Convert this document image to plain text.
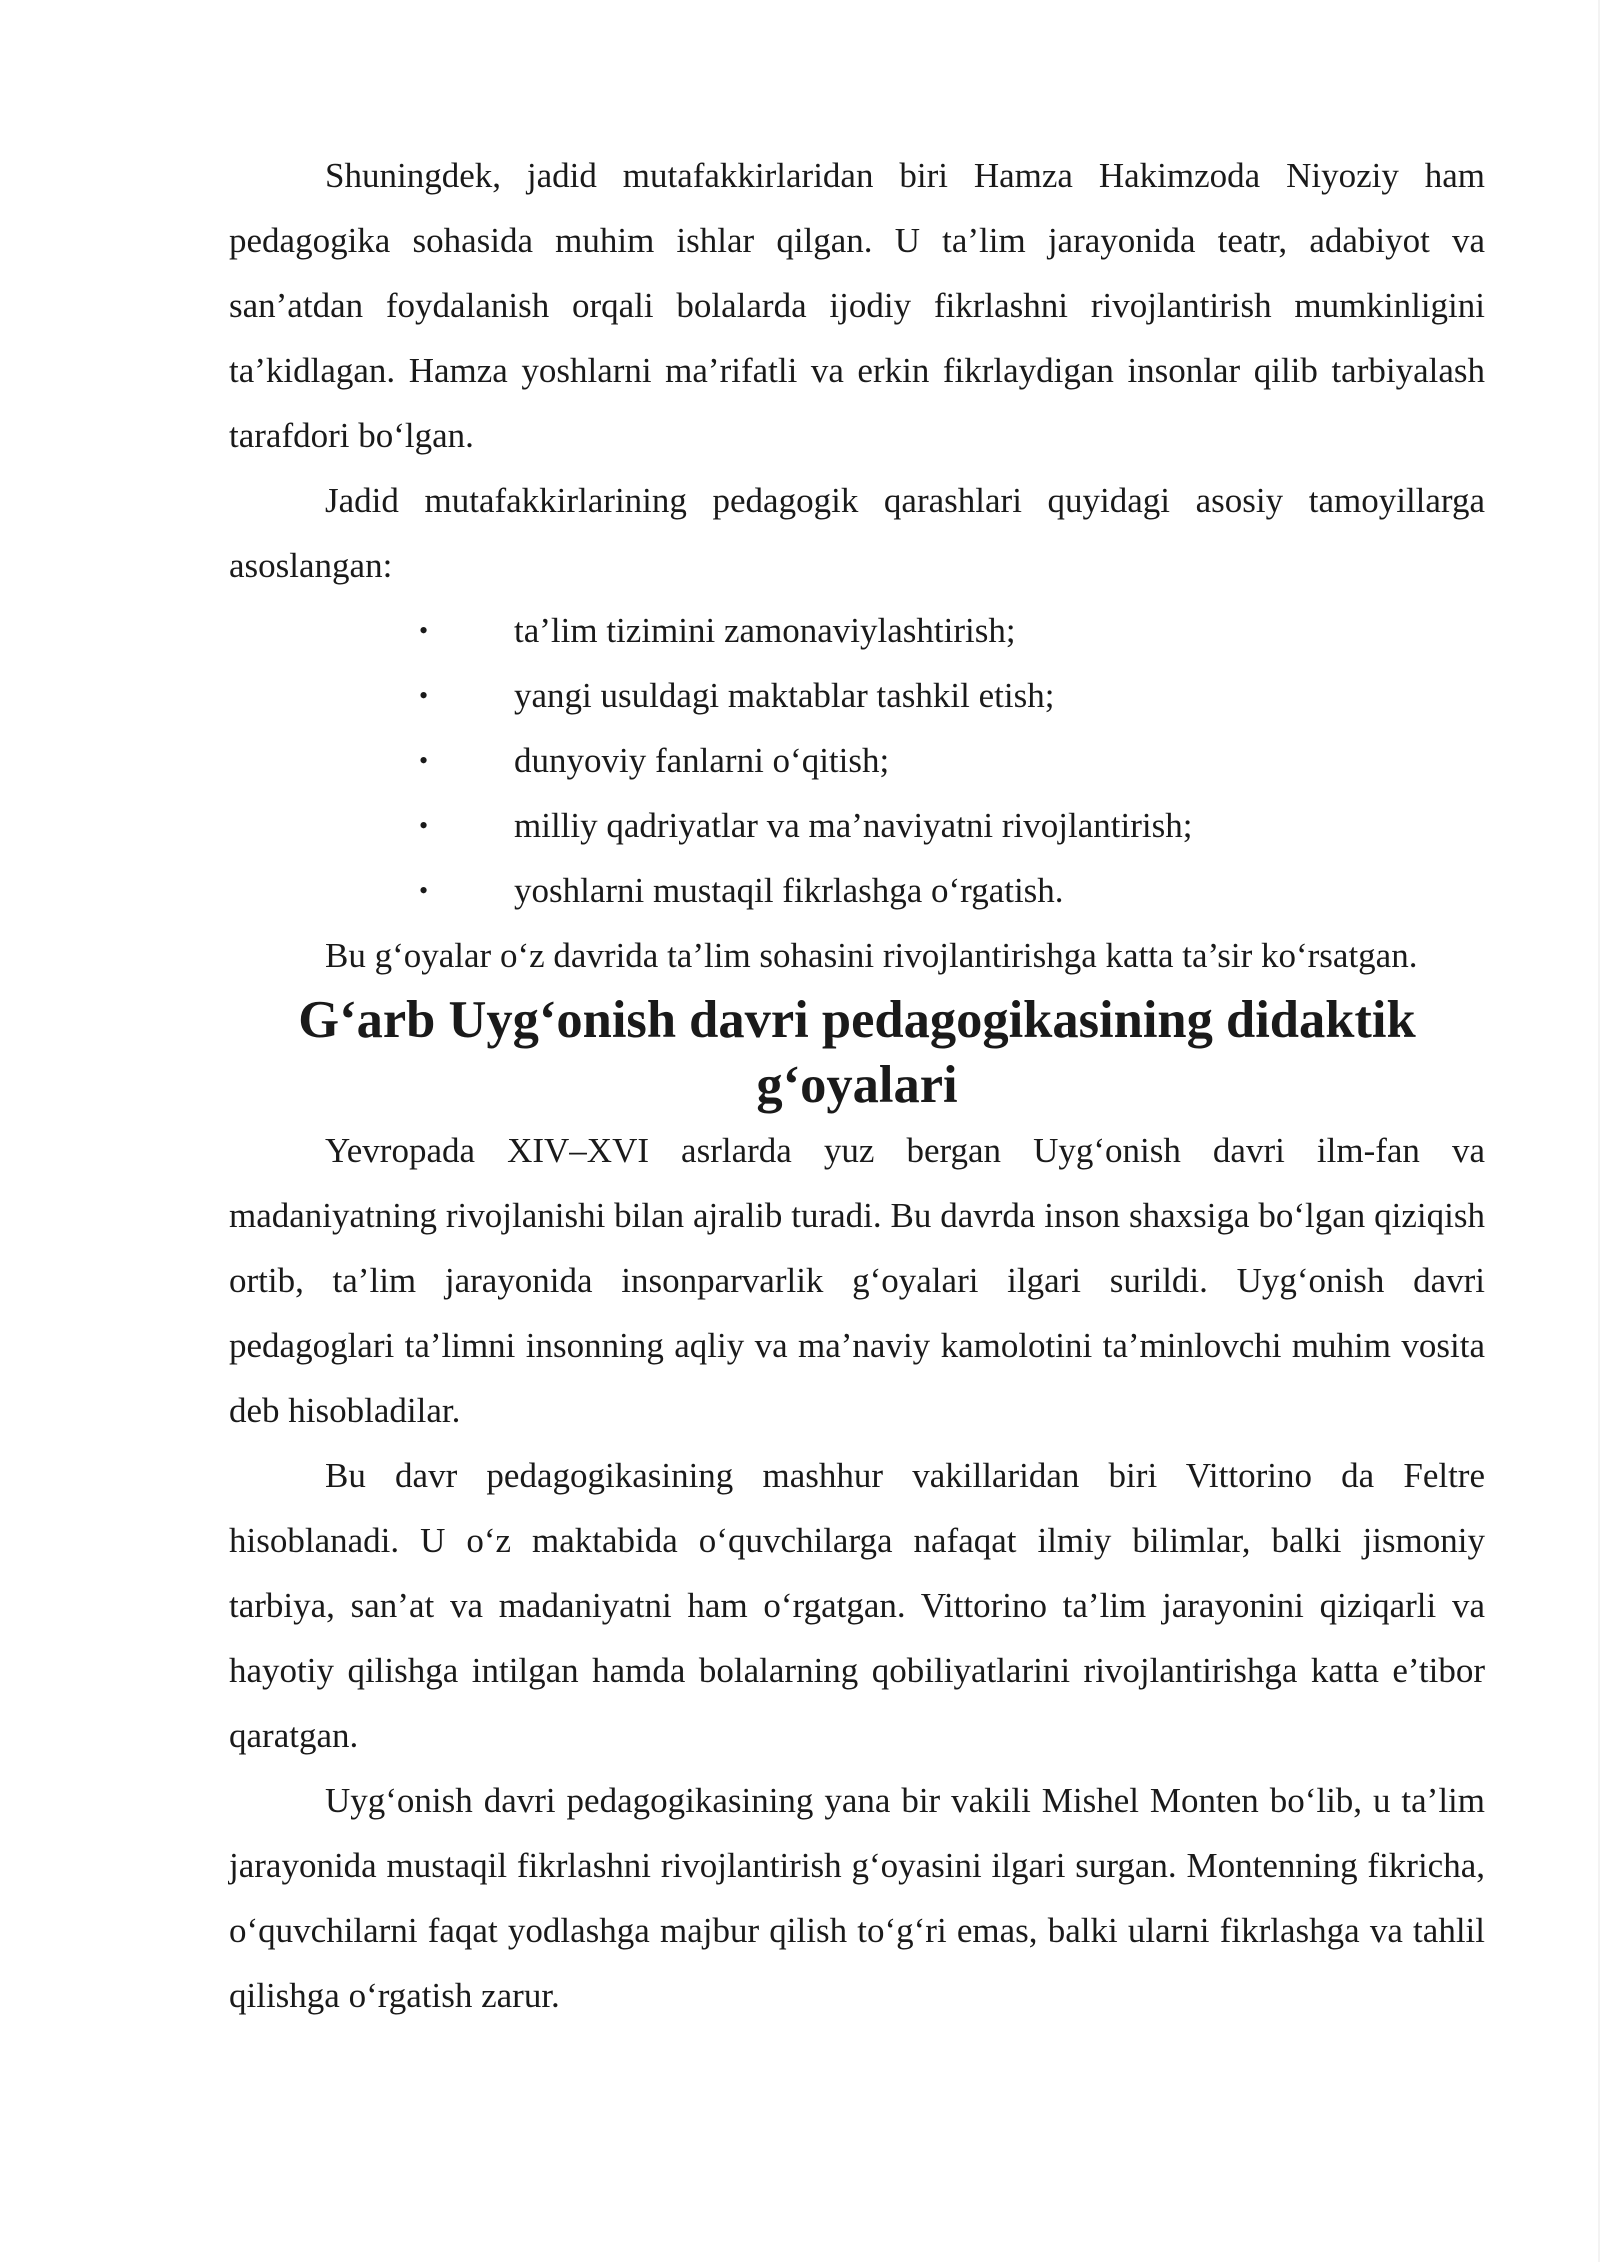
Shuningdek, jadid mutafakkirlaridan biri Hamza Hakimzoda Niyoziy ham pedagogika sohasida muhim ishlar qilgan. U ta’lim jarayonida teatr, adabiyot va san’atdan foydalanish orqali bolalarda ijodiy fikrlashni rivojlantirish mumkinligini ta’kidlagan. Hamza yoshlarni ma’rifatli va erkin fikrlaydigan insonlar qilib tarbiyalash tarafdori bo‘lgan.

Jadid mutafakkirlarining pedagogik qarashlari quyidagi asosiy tamoyillarga asoslangan:

• ta’lim tizimini zamonaviylashtirish;
• yangi usuldagi maktablar tashkil etish;
• dunyoviy fanlarni o‘qitish;
• milliy qadriyatlar va ma’naviyatni rivojlantirish;
• yoshlarni mustaqil fikrlashga o‘rgatish.

Bu g‘oyalar o‘z davrida ta’lim sohasini rivojlantirishga katta ta’sir ko‘rsatgan.

G‘arb Uyg‘onish davri pedagogikasining didaktik g‘oyalari

Yevropada XIV–XVI asrlarda yuz bergan Uyg‘onish davri ilm-fan va madaniyatning rivojlanishi bilan ajralib turadi. Bu davrda inson shaxsiga bo‘lgan qiziqish ortib, ta’lim jarayonida insonparvarlik g‘oyalari ilgari surildi. Uyg‘onish davri pedagoglari ta’limni insonning aqliy va ma’naviy kamolotini ta’minlovchi muhim vosita deb hisobladilar.

Bu davr pedagogikasining mashhur vakillaridan biri Vittorino da Feltre hisoblanadi. U o‘z maktabida o‘quvchilarga nafaqat ilmiy bilimlar, balki jismoniy tarbiya, san’at va madaniyatni ham o‘rgatgan. Vittorino ta’lim jarayonini qiziqarli va hayotiy qilishga intilgan hamda bolalarning qobiliyatlarini rivojlantirishga katta e’tibor qaratgan.

Uyg‘onish davri pedagogikasining yana bir vakili Mishel Monten bo‘lib, u ta’lim jarayonida mustaqil fikrlashni rivojlantirish g‘oyasini ilgari surgan. Montenning fikricha, o‘quvchilarni faqat yodlashga majbur qilish to‘g‘ri emas, balki ularni fikrlashga va tahlil qilishga o‘rgatish zarur.
